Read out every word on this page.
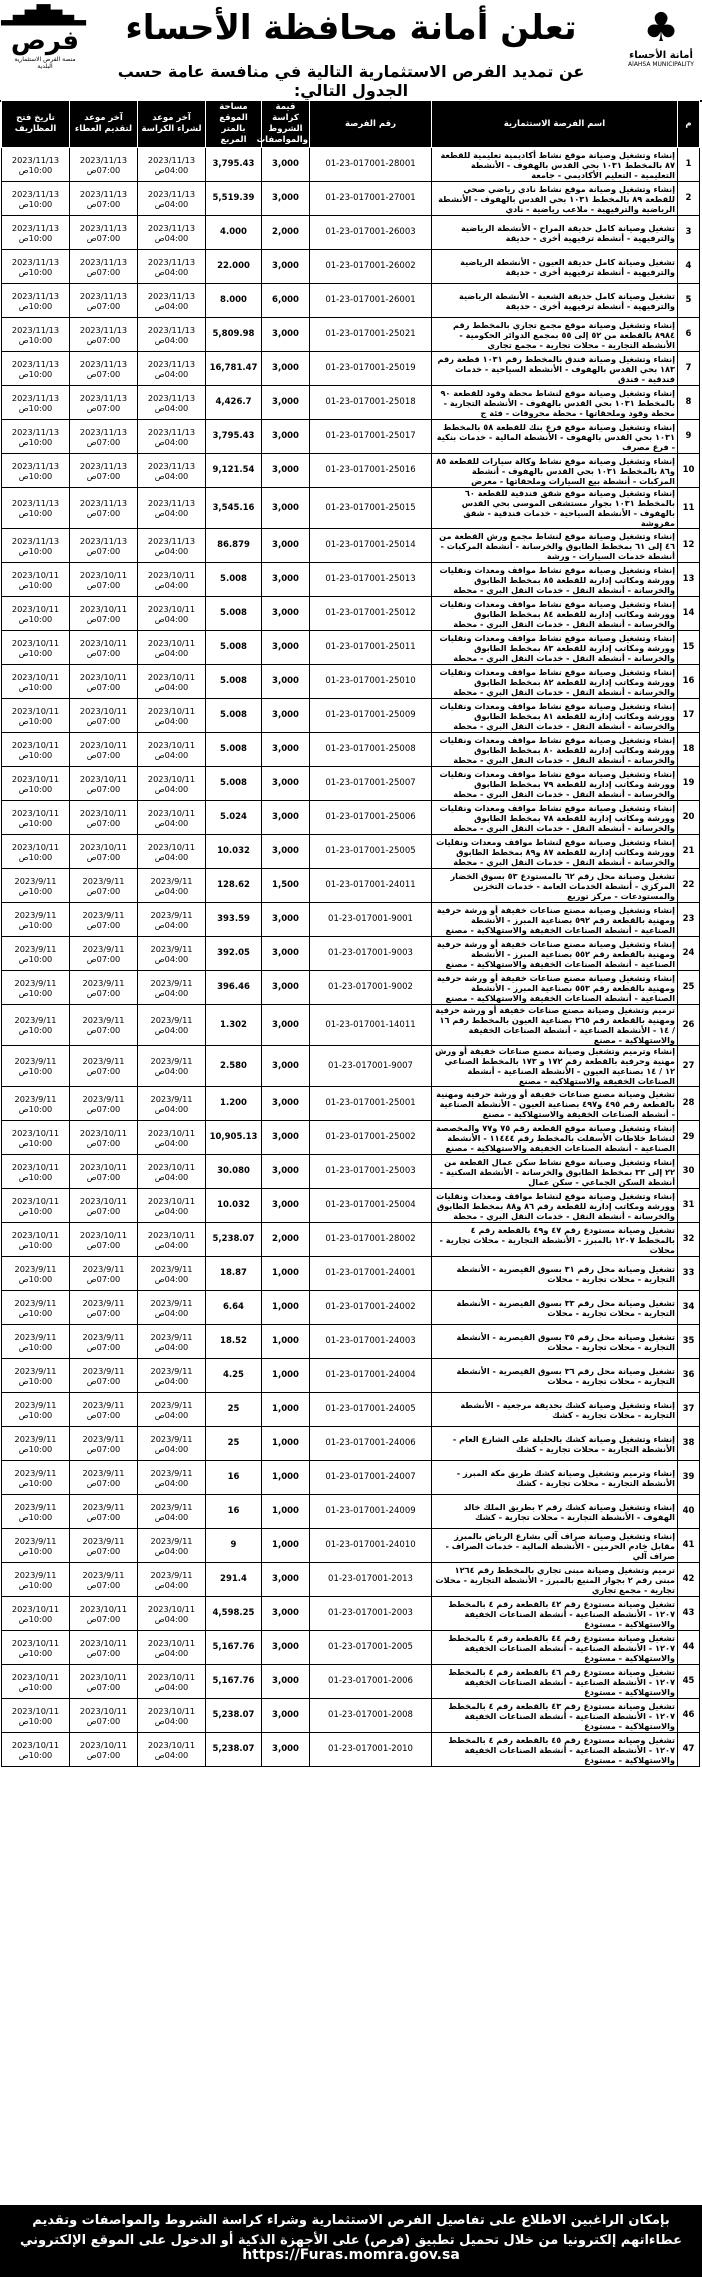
♣
أمانة الأحساء
AlAHSA MUNICIPALITY
تعلن أمانة محافظة الأحساء
عن تمديد الفرص الاستثمارية التالية في منافسة عامة حسب الجدول التالي:
▂▄▆█▆▄▂
فرص
منصة الفرص الاستثمارية البلدية
م	اسم الفرصة الاستثمارية	رقم الفرصة	قيمة كراسة الشروط والمواصفات	مساحة الموقع بالمتر المربع	آخر موعد لشراء الكراسة	آخر موعد لتقديم العطاء	تاريخ فتح المظاريف
1	إنشاء وتشغيل وصيانة موقع نشاط أكاديمية تعليمية للقطعة ٨٧ بالمخطط ١٠٣١ بحي القدس بالهفوف - الأنشطة التعليمية - التعليم الأكاديمي - جامعة	01-23-017001-28001	3,000	3,795.43	2023/11/13 04:00ص	2023/11/13 07:00ص	2023/11/13 10:00ص
2	إنشاء وتشغيل وصيانة موقع نشاط نادي رياضي صحي للقطعة ٨٩ بالمخطط ١٠٣١ بحي القدس بالهفوف - الأنشطة الرياضية والترفيهية - ملاعب رياضية - نادي	01-23-017001-27001	3,000	5,519.39	2023/11/13 04:00ص	2023/11/13 07:00ص	2023/11/13 10:00ص
3	تشغيل وصيانة كامل حديقة المراح - الأنشطة الرياضية والترفيهية - أنشطة ترفيهية أخرى - حديقة	01-23-017001-26003	2,000	4.000	2023/11/13 04:00ص	2023/11/13 07:00ص	2023/11/13 10:00ص
4	تشغيل وصيانة كامل حديقة العيون - الأنشطة الرياضية والترفيهية - أنشطة ترفيهية أخرى - حديقة	01-23-017001-26002	3,000	22.000	2023/11/13 04:00ص	2023/11/13 07:00ص	2023/11/13 10:00ص
5	تشغيل وصيانة كامل حديقة الشعبة - الأنشطة الرياضية والترفيهية - أنشطة ترفيهية أخرى - حديقة	01-23-017001-26001	6,000	8.000	2023/11/13 04:00ص	2023/11/13 07:00ص	2023/11/13 10:00ص
6	إنشاء وتشغيل وصيانة موقع مجمع تجاري بالمخطط رقم ٨٩٨٤ بالقطعة من ٥٢ إلى ٥٥ بمجمع الدوائر الحكومية - الأنشطة التجارية - محلات تجارية - مجمع تجاري	01-23-017001-25021	3,000	5,809.98	2023/11/13 04:00ص	2023/11/13 07:00ص	2023/11/13 10:00ص
7	إنشاء وتشغيل وصيانة فندق بالمخطط رقم ١٠٣١ قطعة رقم ١٨٣ بحي القدس بالهفوف - الأنشطة السياحية - خدمات فندقية - فندق	01-23-017001-25019	3,000	16,781.47	2023/11/13 04:00ص	2023/11/13 07:00ص	2023/11/13 10:00ص
8	إنشاء وتشغيل وصيانة موقع لنشاط محطة وقود للقطعة ٩٠ بالمخطط ١٠٣١ بحي القدس بالهفوف - الأنشطة التجارية - محطة وقود وملحقاتها - محطة محروقات - فئة ج	01-23-017001-25018	3,000	4,426.7	2023/11/13 04:00ص	2023/11/13 07:00ص	2023/11/13 10:00ص
9	إنشاء وتشغيل وصيانة موقع فرع بنك للقطعة ٥٨ بالمخطط ١٠٣١ بحي القدس بالهفوف - الأنشطة المالية - خدمات بنكية - فرع مصرف	01-23-017001-25017	3,000	3,795.43	2023/11/13 04:00ص	2023/11/13 07:00ص	2023/11/13 10:00ص
10	إنشاء وتشغيل وصيانة موقع نشاط وكالة سيارات للقطعة ٨٥ و٨٦ بالمخطط ١٠٣١ بحي القدس بالهفوف - أنشطة المركبات - أنشطة بيع السيارات وملحقاتها - معرض	01-23-017001-25016	3,000	9,121.54	2023/11/13 04:00ص	2023/11/13 07:00ص	2023/11/13 10:00ص
11	إنشاء وتشغيل وصيانة موقع شقق فندقية للقطعة ٦٠ بالمخطط ١٠٣١ بجوار مستشفى الموسى بحي القدس بالهفوف - الأنشطة السياحية - خدمات فندقية - شقق مفروشة	01-23-017001-25015	3,000	3,545.16	2023/11/13 04:00ص	2023/11/13 07:00ص	2023/11/13 10:00ص
12	إنشاء وتشغيل وصيانة موقع لنشاط مجمع ورش القطعة من ٤٦ إلى ٦١ بمخطط الطابوق والخرسانة - أنشطة المركبات - أنشطة خدمات السيارات - ورشة	01-23-017001-25014	3,000	86.879	2023/11/13 04:00ص	2023/11/13 07:00ص	2023/11/13 10:00ص
13	إنشاء وتشغيل وصيانة موقع نشاط مواقف ومعدات ونقليات وورشة ومكاتب إدارية للقطعة ٨٥ بمخطط الطابوق والخرسانة - أنشطة النقل - خدمات النقل البري - محطة	01-23-017001-25013	3,000	5.008	2023/10/11 04:00ص	2023/10/11 07:00ص	2023/10/11 10:00ص
14	إنشاء وتشغيل وصيانة موقع نشاط مواقف ومعدات ونقليات وورشة ومكاتب إدارية للقطعة ٨٤ بمخطط الطابوق والخرسانة - أنشطة النقل - خدمات النقل البري - محطة	01-23-017001-25012	3,000	5.008	2023/10/11 04:00ص	2023/10/11 07:00ص	2023/10/11 10:00ص
15	إنشاء وتشغيل وصيانة موقع نشاط مواقف ومعدات ونقليات وورشة ومكاتب إدارية للقطعة ٨٣ بمخطط الطابوق والخرسانة - أنشطة النقل - خدمات النقل البري - محطة	01-23-017001-25011	3,000	5.008	2023/10/11 04:00ص	2023/10/11 07:00ص	2023/10/11 10:00ص
16	إنشاء وتشغيل وصيانة موقع نشاط مواقف ومعدات ونقليات وورشة ومكاتب إدارية للقطعة ٨٢ بمخطط الطابوق والخرسانة - أنشطة النقل - خدمات النقل البري - محطة	01-23-017001-25010	3,000	5.008	2023/10/11 04:00ص	2023/10/11 07:00ص	2023/10/11 10:00ص
17	إنشاء وتشغيل وصيانة موقع نشاط مواقف ومعدات ونقليات وورشة ومكاتب إدارية للقطعة ٨١ بمخطط الطابوق والخرسانة - أنشطة النقل - خدمات النقل البري - محطة	01-23-017001-25009	3,000	5.008	2023/10/11 04:00ص	2023/10/11 07:00ص	2023/10/11 10:00ص
18	إنشاء وتشغيل وصيانة موقع نشاط مواقف ومعدات ونقليات وورشة ومكاتب إدارية للقطعة ٨٠ بمخطط الطابوق والخرسانة - أنشطة النقل - خدمات النقل البري - محطة	01-23-017001-25008	3,000	5.008	2023/10/11 04:00ص	2023/10/11 07:00ص	2023/10/11 10:00ص
19	إنشاء وتشغيل وصيانة موقع نشاط مواقف ومعدات ونقليات وورشة ومكاتب إدارية للقطعة ٧٩ بمخطط الطابوق والخرسانة - أنشطة النقل - خدمات النقل البري - محطة	01-23-017001-25007	3,000	5.008	2023/10/11 04:00ص	2023/10/11 07:00ص	2023/10/11 10:00ص
20	إنشاء وتشغيل وصيانة موقع نشاط مواقف ومعدات ونقليات وورشة ومكاتب إدارية للقطعة ٧٨ بمخطط الطابوق والخرسانة - أنشطة النقل - خدمات النقل البري - محطة	01-23-017001-25006	3,000	5.024	2023/10/11 04:00ص	2023/10/11 07:00ص	2023/10/11 10:00ص
21	إنشاء وتشغيل وصيانة موقع لنشاط مواقف ومعدات ونقليات وورشة ومكاتب إدارية للقطعة ٨٧ و٨٩ بمخطط الطابوق والخرسانة - أنشطة النقل - خدمات النقل البري - محطة	01-23-017001-25005	3,000	10.032	2023/10/11 04:00ص	2023/10/11 07:00ص	2023/10/11 10:00ص
22	تشغيل وصيانة محل رقم ٦٢ بالمستودع ٥٣ بسوق الخضار المركزي - أنشطة الخدمات العامة - خدمات التخزين والمستودعات - مركز توزيع	01-23-017001-24011	1,500	128.62	2023/9/11 04:00ص	2023/9/11 07:00ص	2023/9/11 10:00ص
23	إنشاء وتشغيل وصيانة مصنع صناعات خفيفة أو ورشة حرفية ومهنية بالقطعة رقم ٥٩٢ بصناعية المبرز - الأنشطة الصناعية - أنشطة الصناعات الخفيفة والاستهلاكية - مصنع	01-23-017001-9001	3,000	393.59	2023/9/11 04:00ص	2023/9/11 07:00ص	2023/9/11 10:00ص
24	إنشاء وتشغيل وصيانة مصنع صناعات خفيفة أو ورشة حرفية ومهنية بالقطعة رقم ٥٥٢ بصناعية المبرز - الأنشطة الصناعية - أنشطة الصناعات الخفيفة والاستهلاكية - مصنع	01-23-017001-9003	3,000	392.05	2023/9/11 04:00ص	2023/9/11 07:00ص	2023/9/11 10:00ص
25	إنشاء وتشغيل وصيانة مصنع صناعات خفيفة أو ورشة حرفية ومهنية بالقطعة رقم ٥٥٣ بصناعية المبرز - الأنشطة الصناعية - أنشطة الصناعات الخفيفة والاستهلاكية - مصنع	01-23-017001-9002	3,000	396.46	2023/9/11 04:00ص	2023/9/11 07:00ص	2023/9/11 10:00ص
26	ترميم وتشغيل وصيانة مصنع صناعات خفيفة أو ورشة حرفية ومهنية بالقطعة رقم ٢٦٥ بصناعية العيون بالمخطط رقم ١٦ / ١٤ - الأنشطة الصناعية - أنشطة الصناعات الخفيفة والاستهلاكية - مصنع	01-23-017001-14011	3,000	1.302	2023/9/11 04:00ص	2023/9/11 07:00ص	2023/9/11 10:00ص
27	إنشاء وترميم وتشغيل وصيانة مصنع صناعات خفيفة أو ورش مهنية وحرفية بالقطعة رقم ١٧٢ و ١٧٣ بالمخطط الصناعي ١٢ / ١٤ بصناعية العيون - الأنشطة الصناعية - أنشطة الصناعات الخفيفة والاستهلاكية - مصنع	01-23-017001-9007	3,000	2.580	2023/9/11 04:00ص	2023/9/11 07:00ص	2023/9/11 10:00ص
28	تشغيل وصيانة مصنع صناعات خفيفة أو ورشة حرفية ومهنية بالقطعة رقم ٤٩٥ و٤٩٧ بصناعية العيون - الأنشطة الصناعية - أنشطة الصناعات الخفيفة والاستهلاكية - مصنع	01-23-017001-25001	3,000	1.200	2023/9/11 04:00ص	2023/9/11 07:00ص	2023/9/11 10:00ص
29	إنشاء وتشغيل وصيانة موقع القطعة رقم ٧٥ و٧٧ والمخصصة لنشاط خلاطات الأسفلت بالمخطط رقم ١١٤٤٤ - الأنشطة الصناعية - أنشطة الصناعات الخفيفة والاستهلاكية - مصنع	01-23-017001-25002	3,000	10,905.13	2023/10/11 04:00ص	2023/10/11 07:00ص	2023/10/11 10:00ص
30	إنشاء وتشغيل وصيانة موقع نشاط سكن عمال القطعة من ٢٢ إلى ٣٣ بمخطط الطابوق والخرسانة - الأنشطة السكنية - أنشطة السكن الجماعي - سكن عمال	01-23-017001-25003	3,000	30.080	2023/10/11 04:00ص	2023/10/11 07:00ص	2023/10/11 10:00ص
31	إنشاء وتشغيل وصيانة موقع لنشاط مواقف ومعدات ونقليات وورشة ومكاتب إدارية للقطعة رقم ٨٦ و٨٨ بمخطط الطابوق والخرسانة - أنشطة النقل - خدمات النقل البري - محطة	01-23-017001-25004	3,000	10.032	2023/10/11 04:00ص	2023/10/11 07:00ص	2023/10/11 10:00ص
32	تشغيل وصيانة مستودع رقم ٤٧ و٤٩ بالقطعة رقم ٤ بالمخطط ١٢٠٧ بالمبرز - الأنشطة التجارية - محلات تجارية - محلات	01-23-017001-28002	2,000	5,238.07	2023/10/11 04:00ص	2023/10/11 07:00ص	2023/10/11 10:00ص
33	تشغيل وصيانة محل رقم ٣١ بسوق القيصرية - الأنشطة التجارية - محلات تجارية - محلات	01-23-017001-24001	1,000	18.87	2023/9/11 04:00ص	2023/9/11 07:00ص	2023/9/11 10:00ص
34	تشغيل وصيانة محل رقم ٣٣ بسوق القيصرية - الأنشطة التجارية - محلات تجارية - محلات	01-23-017001-24002	1,000	6.64	2023/9/11 04:00ص	2023/9/11 07:00ص	2023/9/11 10:00ص
35	تشغيل وصيانة محل رقم ٣٥ بسوق القيصرية - الأنشطة التجارية - محلات تجارية - محلات	01-23-017001-24003	1,000	18.52	2023/9/11 04:00ص	2023/9/11 07:00ص	2023/9/11 10:00ص
36	تشغيل وصيانة محل رقم ٣٦ بسوق القيصرية - الأنشطة التجارية - محلات تجارية - محلات	01-23-017001-24004	1,000	4.25	2023/9/11 04:00ص	2023/9/11 07:00ص	2023/9/11 10:00ص
37	إنشاء وتشغيل وصيانة كشك بحديقة مرجعية - الأنشطة التجارية - محلات تجارية - كشك	01-23-017001-24005	1,000	25	2023/9/11 04:00ص	2023/9/11 07:00ص	2023/9/11 10:00ص
38	إنشاء وتشغيل وصيانة كشك بالحليلة على الشارع العام - الأنشطة التجارية - محلات تجارية - كشك	01-23-017001-24006	1,000	25	2023/9/11 04:00ص	2023/9/11 07:00ص	2023/9/11 10:00ص
39	إنشاء وترميم وتشغيل وصيانة كشك طريق مكة المبرز - الأنشطة التجارية - محلات تجارية - كشك	01-23-017001-24007	1,000	16	2023/9/11 04:00ص	2023/9/11 07:00ص	2023/9/11 10:00ص
40	إنشاء وتشغيل وصيانة كشك رقم ٢ بطريق الملك خالد الهفوف - الأنشطة التجارية - محلات تجارية - كشك	01-23-017001-24009	1,000	16	2023/9/11 04:00ص	2023/9/11 07:00ص	2023/9/11 10:00ص
41	إنشاء وتشغيل وصيانة صراف آلي بشارع الرياض بالمبرز مقابل خادم الحرمين - الأنشطة المالية - خدمات الصراف - صراف آلي	01-23-017001-24010	1,000	9	2023/9/11 04:00ص	2023/9/11 07:00ص	2023/9/11 10:00ص
42	ترميم وتشغيل وصيانة مبنى تجاري بالمخطط رقم ١٢٦٤ مبنى رقم ٢ بجوار المنيع بالمبرز - الأنشطة التجارية - محلات تجارية - مجمع تجاري	01-23-017001-2013	3,000	291.4	2023/9/11 04:00ص	2023/9/11 07:00ص	2023/9/11 10:00ص
43	تشغيل وصيانة مستودع رقم ٤٢ بالقطعة رقم ٤ بالمخطط ١٢٠٧ - الأنشطة الصناعية - أنشطة الصناعات الخفيفة والاستهلاكية - مستودع	01-23-017001-2003	3,000	4,598.25	2023/10/11 04:00ص	2023/10/11 07:00ص	2023/10/11 10:00ص
44	تشغيل وصيانة مستودع رقم ٤٤ بالقطعة رقم ٤ بالمخطط ١٢٠٧ - الأنشطة الصناعية - أنشطة الصناعات الخفيفة والاستهلاكية - مستودع	01-23-017001-2005	3,000	5,167.76	2023/10/11 04:00ص	2023/10/11 07:00ص	2023/10/11 10:00ص
45	تشغيل وصيانة مستودع رقم ٤٦ بالقطعة رقم ٤ بالمخطط ١٢٠٧ - الأنشطة الصناعية - أنشطة الصناعات الخفيفة والاستهلاكية - مستودع	01-23-017001-2006	3,000	5,167.76	2023/10/11 04:00ص	2023/10/11 07:00ص	2023/10/11 10:00ص
46	تشغيل وصيانة مستودع رقم ٤٣ بالقطعة رقم ٤ بالمخطط ١٢٠٧ - الأنشطة الصناعية - أنشطة الصناعات الخفيفة والاستهلاكية - مستودع	01-23-017001-2008	3,000	5,238.07	2023/10/11 04:00ص	2023/10/11 07:00ص	2023/10/11 10:00ص
47	تشغيل وصيانة مستودع رقم ٤٥ بالقطعة رقم ٤ بالمخطط ١٢٠٧ - الأنشطة الصناعية - أنشطة الصناعات الخفيفة والاستهلاكية - مستودع	01-23-017001-2010	3,000	5,238.07	2023/10/11 04:00ص	2023/10/11 07:00ص	2023/10/11 10:00ص
بإمكان الراغبين الاطلاع على تفاصيل الفرص الاستثمارية وشراء كراسة الشروط والمواصفات وتقديم عطاءاتهم إلكترونيا من خلال تحميل تطبيق (فرص) على الأجهزة الذكية أو الدخول على الموقع الإلكتروني
https://Furas.momra.gov.sa
